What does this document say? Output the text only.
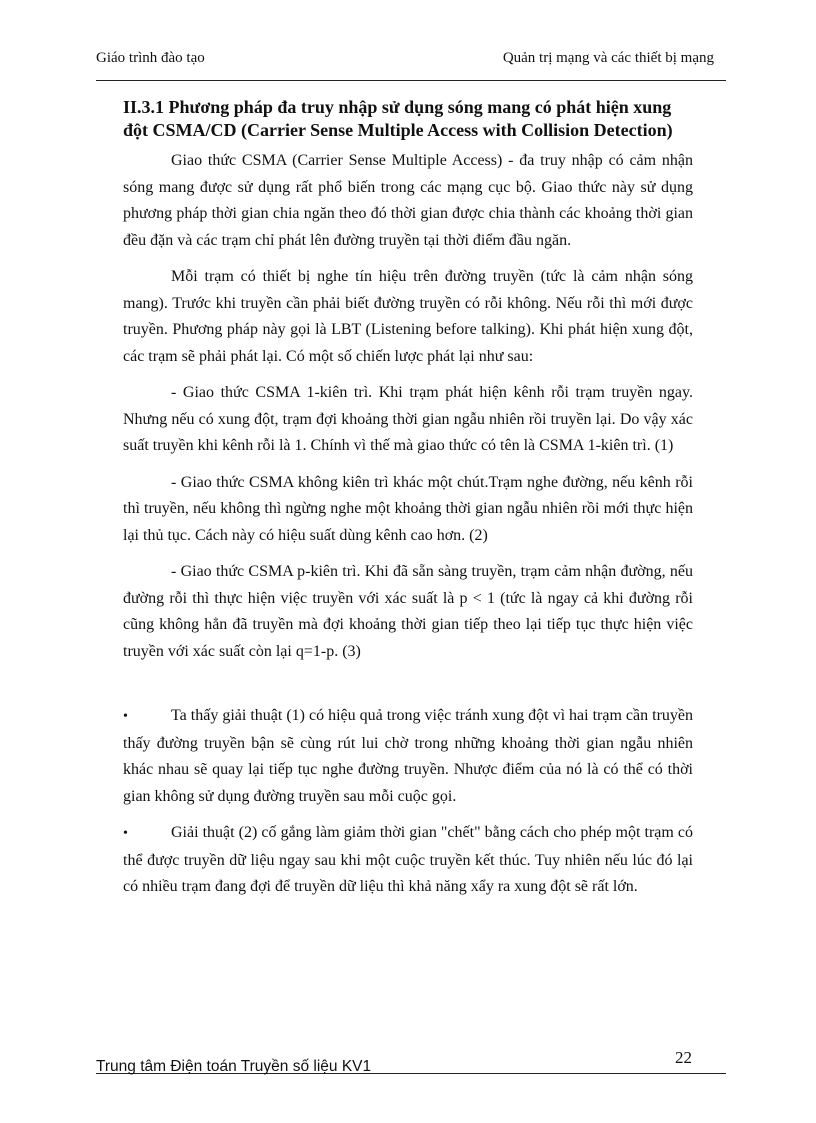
Giáo trình đào tạo	Quản trị mạng và các thiết bị mạng
II.3.1 Phương pháp đa truy nhập sử dụng sóng mang có phát hiện xung đột CSMA/CD (Carrier Sense Multiple Access with Collision Detection)

Giao thức CSMA (Carrier Sense Multiple Access) - đa truy nhập có cảm nhận sóng mang được sử dụng rất phổ biến trong các mạng cục bộ. Giao thức này sử dụng phương pháp thời gian chia ngăn theo đó thời gian được chia thành các khoảng thời gian đều đặn và các trạm chỉ phát lên đường truyền tại thời điểm đầu ngăn.

Mỗi trạm có thiết bị nghe tín hiệu trên đường truyền (tức là cảm nhận sóng mang). Trước khi truyền cần phải biết đường truyền có rỗi không. Nếu rỗi thì mới được truyền. Phương pháp này gọi là LBT (Listening before talking). Khi phát hiện xung đột, các trạm sẽ phải phát lại. Có một số chiến lược phát lại như sau:

- Giao thức CSMA 1-kiên trì. Khi trạm phát hiện kênh rỗi trạm truyền ngay. Nhưng nếu có xung đột, trạm đợi khoảng thời gian ngẫu nhiên rồi truyền lại. Do vậy xác suất truyền khi kênh rỗi là 1. Chính vì thế mà giao thức có tên là CSMA 1-kiên trì. (1)

- Giao thức CSMA không kiên trì khác một chút.Trạm nghe đường, nếu kênh rỗi thì truyền, nếu không thì ngừng nghe một khoảng thời gian ngẫu nhiên rồi mới thực hiện lại thủ tục. Cách này có hiệu suất dùng kênh cao hơn. (2)

- Giao thức CSMA p-kiên trì. Khi đã sẵn sàng truyền, trạm cảm nhận đường, nếu đường rỗi thì thực hiện việc truyền với xác suất là p < 1 (tức là ngay cả khi đường rỗi cũng không hẳn đã truyền mà đợi khoảng thời gian tiếp theo lại tiếp tục thực hiện việc truyền với xác suất còn lại q=1-p. (3)

•	Ta thấy giải thuật (1) có hiệu quả trong việc tránh xung đột vì hai trạm cần truyền thấy đường truyền bận sẽ cùng rút lui chờ trong những khoảng thời gian ngẫu nhiên khác nhau sẽ quay lại tiếp tục nghe đường truyền. Nhược điểm của nó là có thể có thời gian không sử dụng đường truyền sau mỗi cuộc gọi.
•	Giải thuật (2) cố gắng làm giảm thời gian "chết" bằng cách cho phép một trạm có thể được truyền dữ liệu ngay sau khi một cuộc truyền kết thúc. Tuy nhiên nếu lúc đó lại có nhiều trạm đang đợi để truyền dữ liệu thì khả năng xẩy ra xung đột sẽ rất lớn.
22
Trung tâm Điện toán Truyền số liệu KV1
